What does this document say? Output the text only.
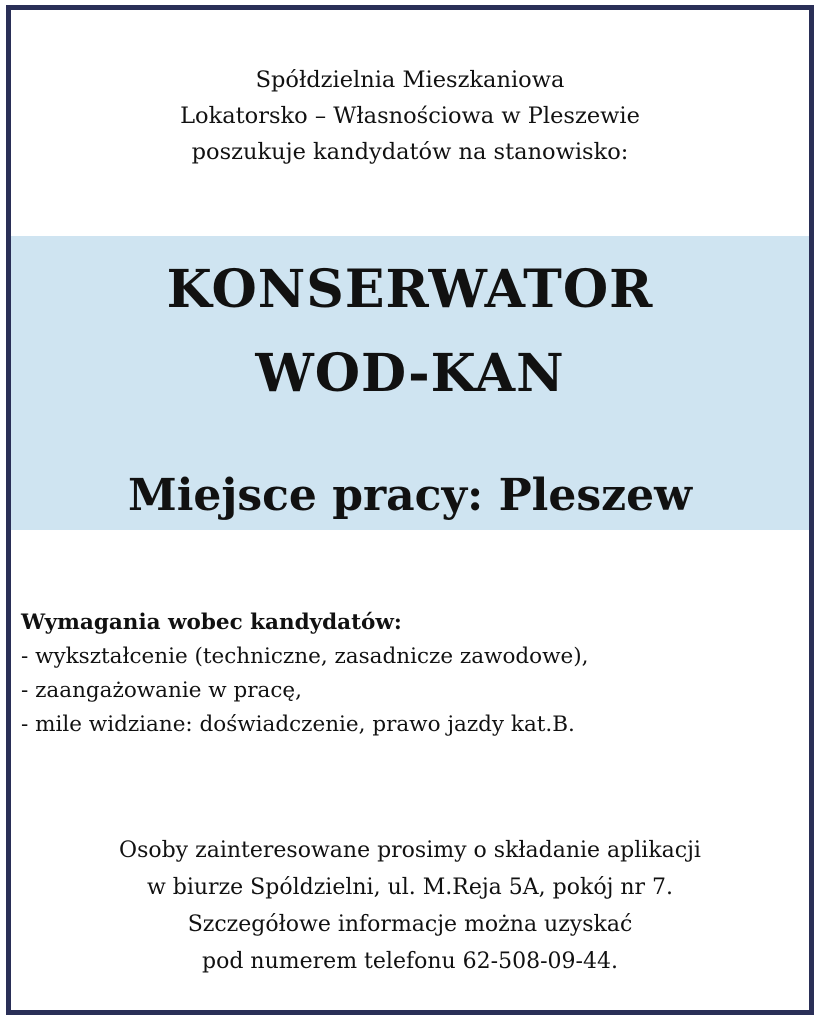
Spółdzielnia Mieszkaniowa
Lokatorsko – Własnościowa w Pleszewie
poszukuje kandydatów na stanowisko:
KONSERWATOR
WOD-KAN
Miejsce pracy: Pleszew
Wymagania wobec kandydatów:
- wykształcenie (techniczne, zasadnicze zawodowe),
- zaangażowanie w pracę,
- mile widziane: doświadczenie, prawo jazdy kat.B.
Osoby zainteresowane prosimy o składanie aplikacji
w biurze Spóldzielni, ul. M.Reja 5A, pokój nr 7.
Szczegółowe informacje można uzyskać
pod numerem telefonu 62-508-09-44.
